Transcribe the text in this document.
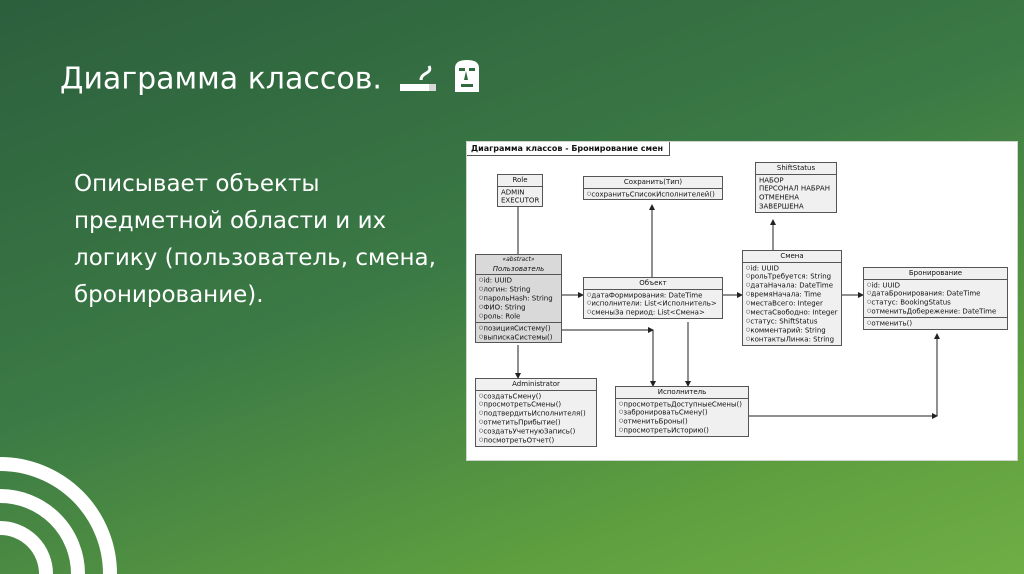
Диаграмма классов.
Описывает объекты предметной области и их логику (пользователь, смена, бронирование).
Диаграмма классов - Бронирование смен
Role
ADMIN
EXECUTOR
Сохранить(Тип)
○ сохранитьСписокИсполнителей()
ShiftStatus
НАБОР
ПЕРСОНАЛ НАБРАН
ОТМЕНЕНА
ЗАВЕРШЕНА
«abstract»
Пользователь
○ id: UUID
○ логин: String
○ парольHash: String
○ ФИО: String
○ роль: Role
○ позицияСистему()
○ выпискаСистемы()
Объект
○ датаФормирования: DateTime
○ исполнители: List<Исполнитель>
○ сменыЗа период: List<Смена>
Смена
○ id: UUID
○ рольТребуется: String
○ датаНачала: DateTime
○ времяНачала: Time
○ местаВсего: Integer
○ местаСвободно: Integer
○ статус: ShiftStatus
○ комментарий: String
○ контактыЛинка: String
Бронирование
○ id: UUID
○ датаБронирования: DateTime
○ статус: BookingStatus
○ отменитьДобережение: DateTime
○ отменить()
Administrator
○ создатьСмену()
○ просмотретьСмены()
○ подтвердитьИсполнителя()
○ отметитьПрибытие()
○ создатьУчетнуюЗапись()
○ посмотретьОтчет()
Исполнитель
○ просмотретьДоступныеСмены()
○ забронироватьСмену()
○ отменитьБроны()
○ просмотретьИсторию()
